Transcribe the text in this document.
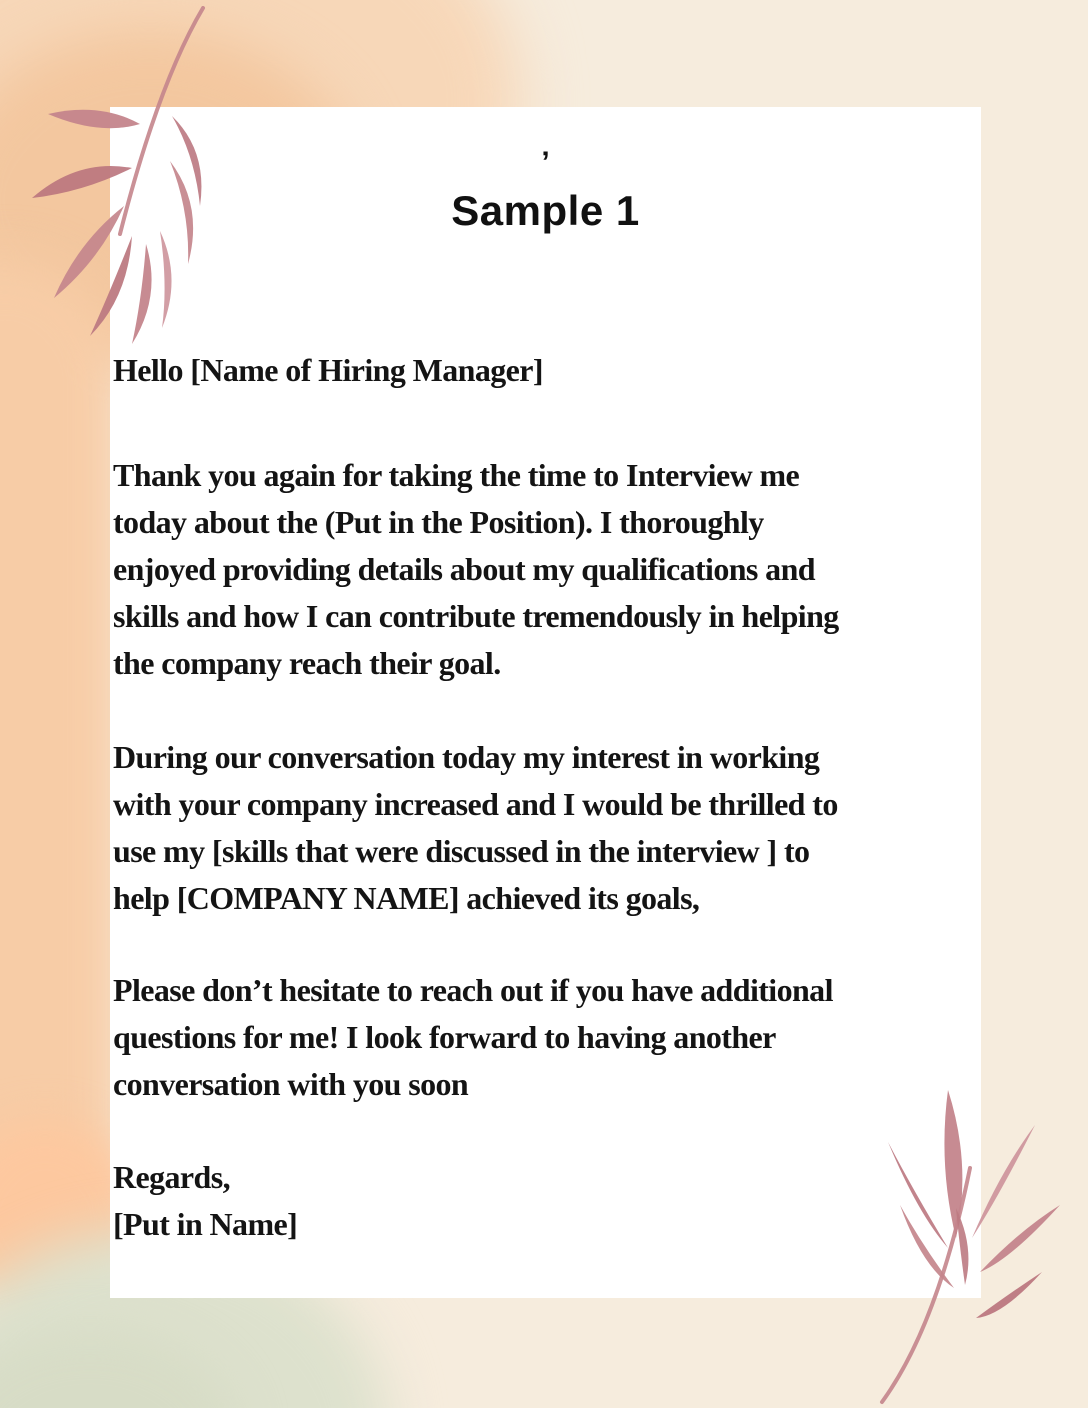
’
Sample 1
Hello [Name of Hiring Manager]
Thank you again for taking the time to Interview me
today about the (Put in the Position). I thoroughly
enjoyed providing details about my qualifications and
skills and how I can contribute tremendously in helping
the company reach their goal.
During our conversation today my interest in working
with your company increased and I would be thrilled to
use my [skills that were discussed in the interview ] to
help [COMPANY NAME] achieved its goals,
Please don’t hesitate to reach out if you have additional
questions for me! I look forward to having another
conversation with you soon
Regards,
[Put in Name]
